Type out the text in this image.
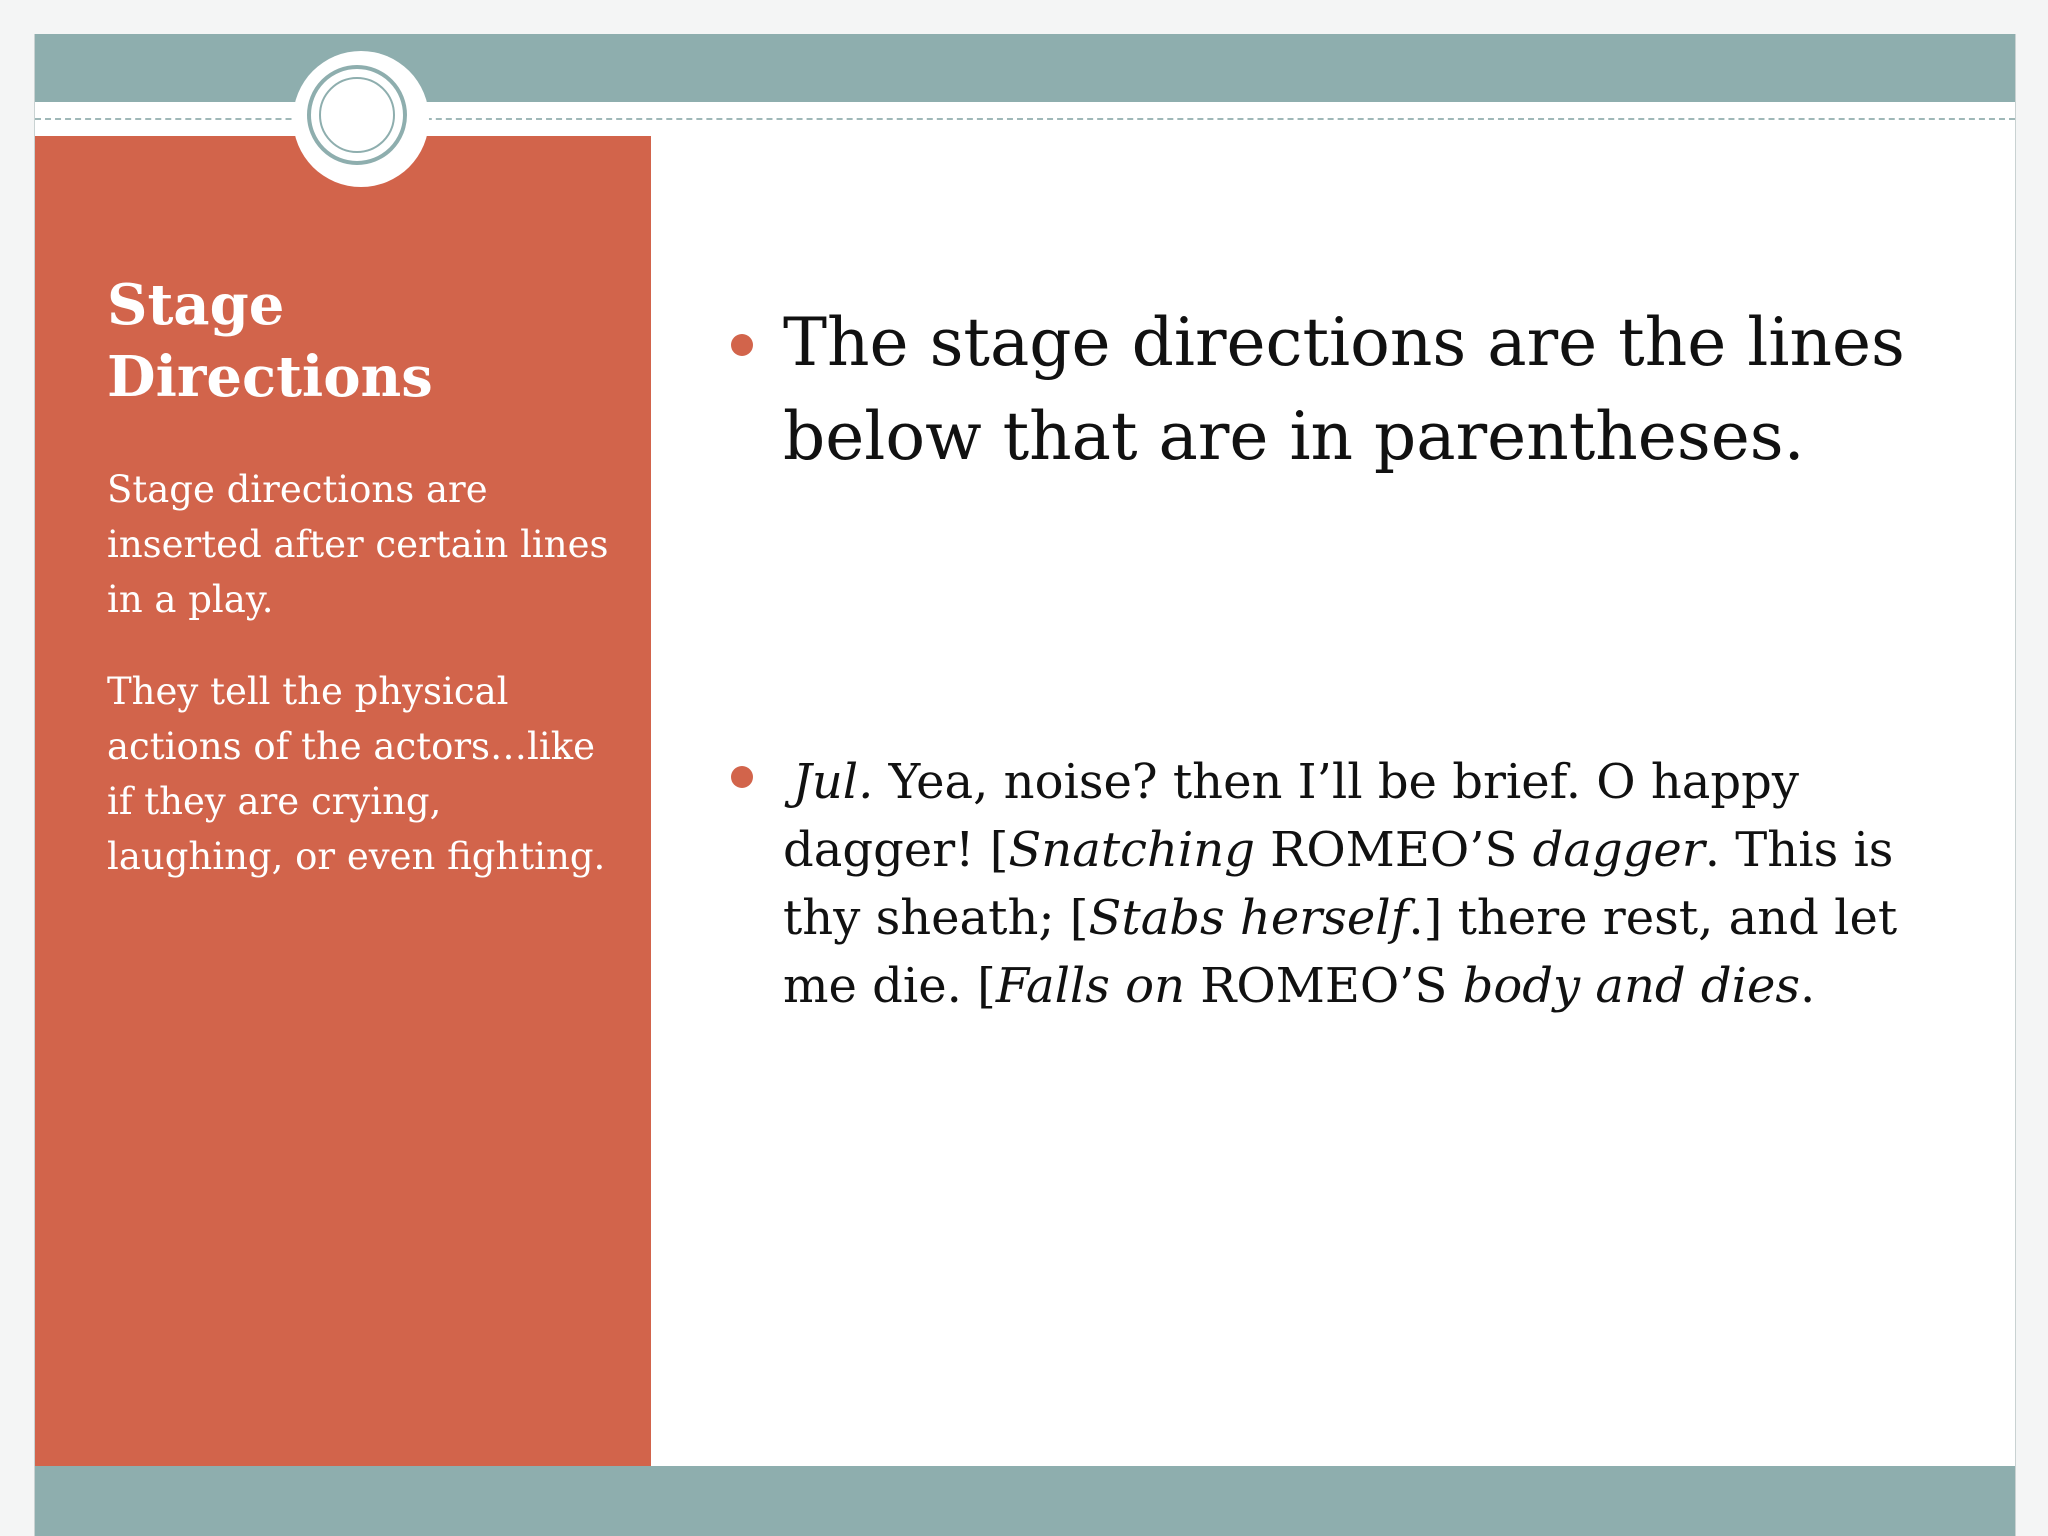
Stage Directions

Stage directions are inserted after certain lines in a play.

They tell the physical actions of the actors…like if they are crying, laughing, or even fighting.

The stage directions are the lines below that are in parentheses.

 Jul. Yea, noise? then I’ll be brief. O happy dagger! [Snatching ROMEO’S dagger. This is thy sheath; [Stabs herself.] there rest, and let me die. [Falls on ROMEO’S body and dies.
